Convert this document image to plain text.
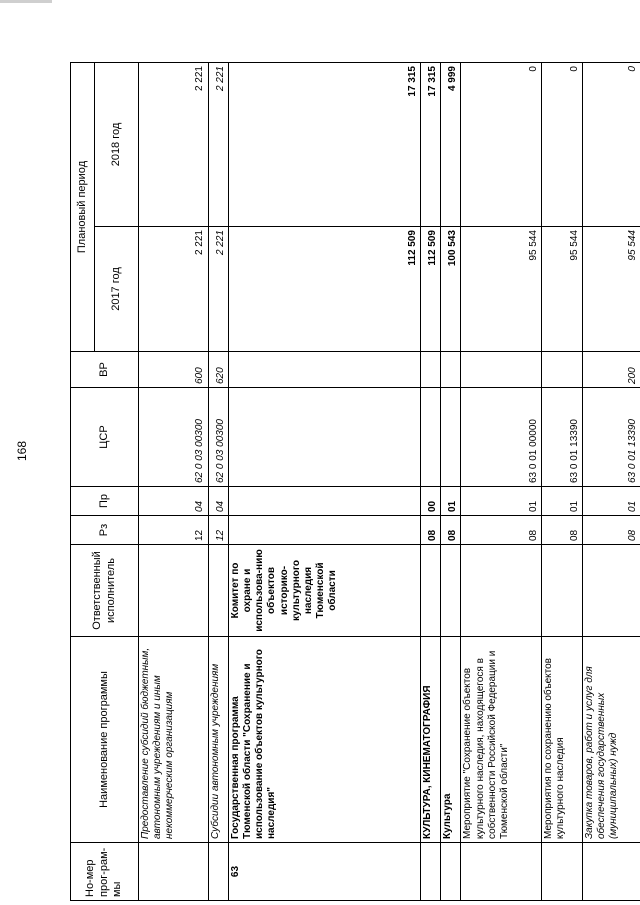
168
Но-мер прог-рам-мы	Наименование программы	Ответственный исполнитель	Рз	Пр	ЦСР	ВР	Плановый период	
							2017 год	2018 год
	Предоставление субсидий бюджетным, автономным учреждениям и иным некоммерческим организациям		12	04	62 0 03 00300	600	2 221	2 221
	Субсидии автономным учреждениям		12	04	62 0 03 00300	620	2 221	2 221
63	Государственная программа Тюменской области "Сохранение и использование объектов культурного наследия"	Комитет по охране и использова-нию объектов историко-культурного наследия Тюменской области					112 509	17 315
	КУЛЬТУРА, КИНЕМАТОГРАФИЯ		08	00			112 509	17 315
	Культура		08	01			100 543	4 999
	Мероприятие "Сохранение объектов культурного наследия, находящегося в собственности Российской Федерации и Тюменской области"		08	01	63 0 01 00000		95 544	0
	Мероприятия по сохранению объектов культурного наследия		08	01	63 0 01 13390		95 544	0
	Закупка товаров, работ и услуг для обеспечения государственных (муниципальных) нужд		08	01	63 0 01 13390	200	95 544	0
